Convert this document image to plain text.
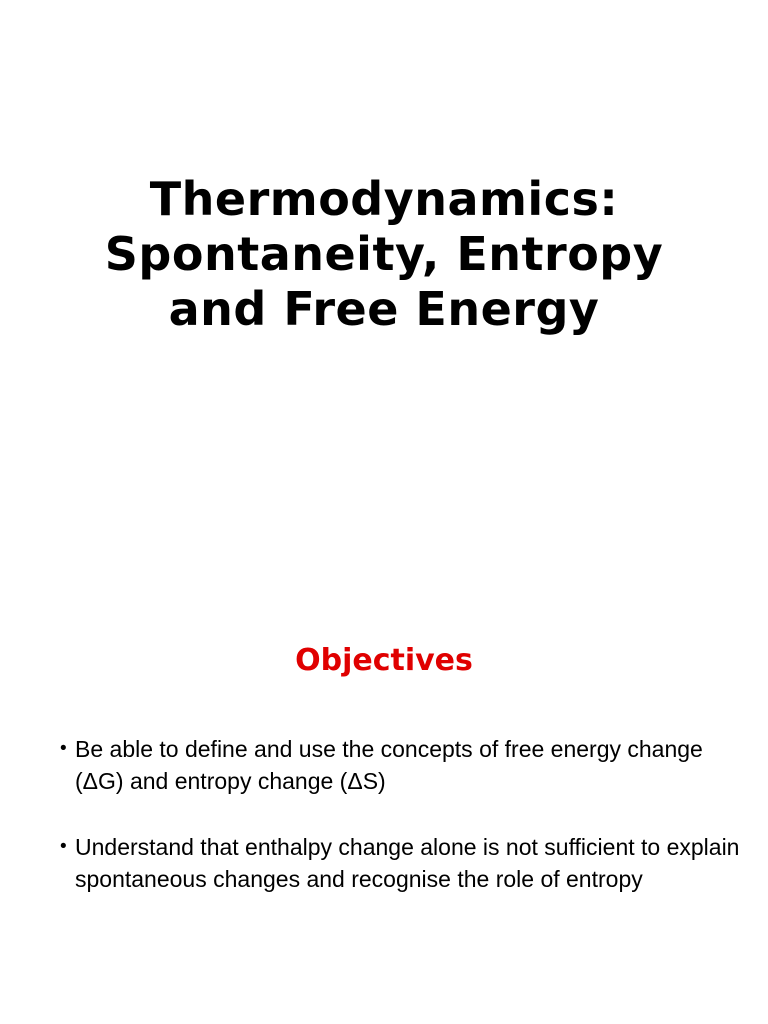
Thermodynamics:
Spontaneity, Entropy
and Free Energy
Objectives
• Be able to define and use the concepts of free energy change (ΔG) and entropy change (ΔS)
• Understand that enthalpy change alone is not sufficient to explain spontaneous changes and recognise the role of entropy
